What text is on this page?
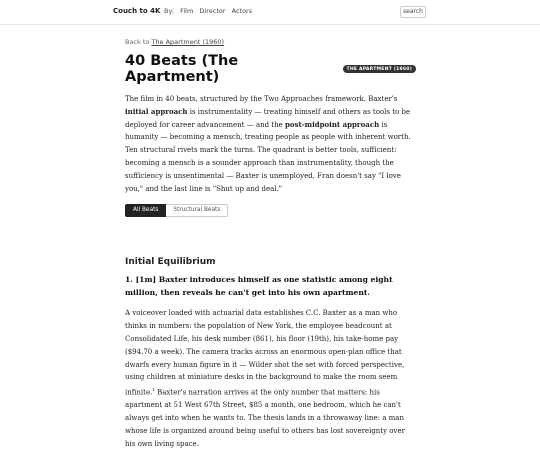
Couch to 4K By: Film Director Actors	search
Back to The Apartment (1960)
40 Beats (The Apartment)	THE APARTMENT (1960)

The film in 40 beats, structured by the Two Approaches framework. Baxter's initial approach is instrumentality — treating himself and others as tools to be deployed for career advancement — and the post-midpoint approach is humanity — becoming a mensch, treating people as people with inherent worth. Ten structural rivets mark the turns. The quadrant is better tools, sufficient: becoming a mensch is a sounder approach than instrumentality, though the sufficiency is unsentimental — Baxter is unemployed, Fran doesn't say "I love you," and the last line is "Shut up and deal."

All Beats	Structural Beats
Initial Equilibrium
1. [1m] Baxter introduces himself as one statistic among eight million, then reveals he can't get into his own apartment.

A voiceover loaded with actuarial data establishes C.C. Baxter as a man who thinks in numbers: the population of New York, the employee headcount at Consolidated Life, his desk number (861), his floor (19th), his take-home pay ($94.70 a week). The camera tracks across an enormous open-plan office that dwarfs every human figure in it — Wilder shot the set with forced perspective, using children at miniature desks in the background to make the room seem infinite.$^1$ Baxter's narration arrives at the only number that matters: his apartment at 51 West 67th Street, $85 a month, one bedroom, which he can't always get into when he wants to. The thesis lands in a throwaway line: a man whose life is organized around being useful to others has lost sovereignty over his own living space.
